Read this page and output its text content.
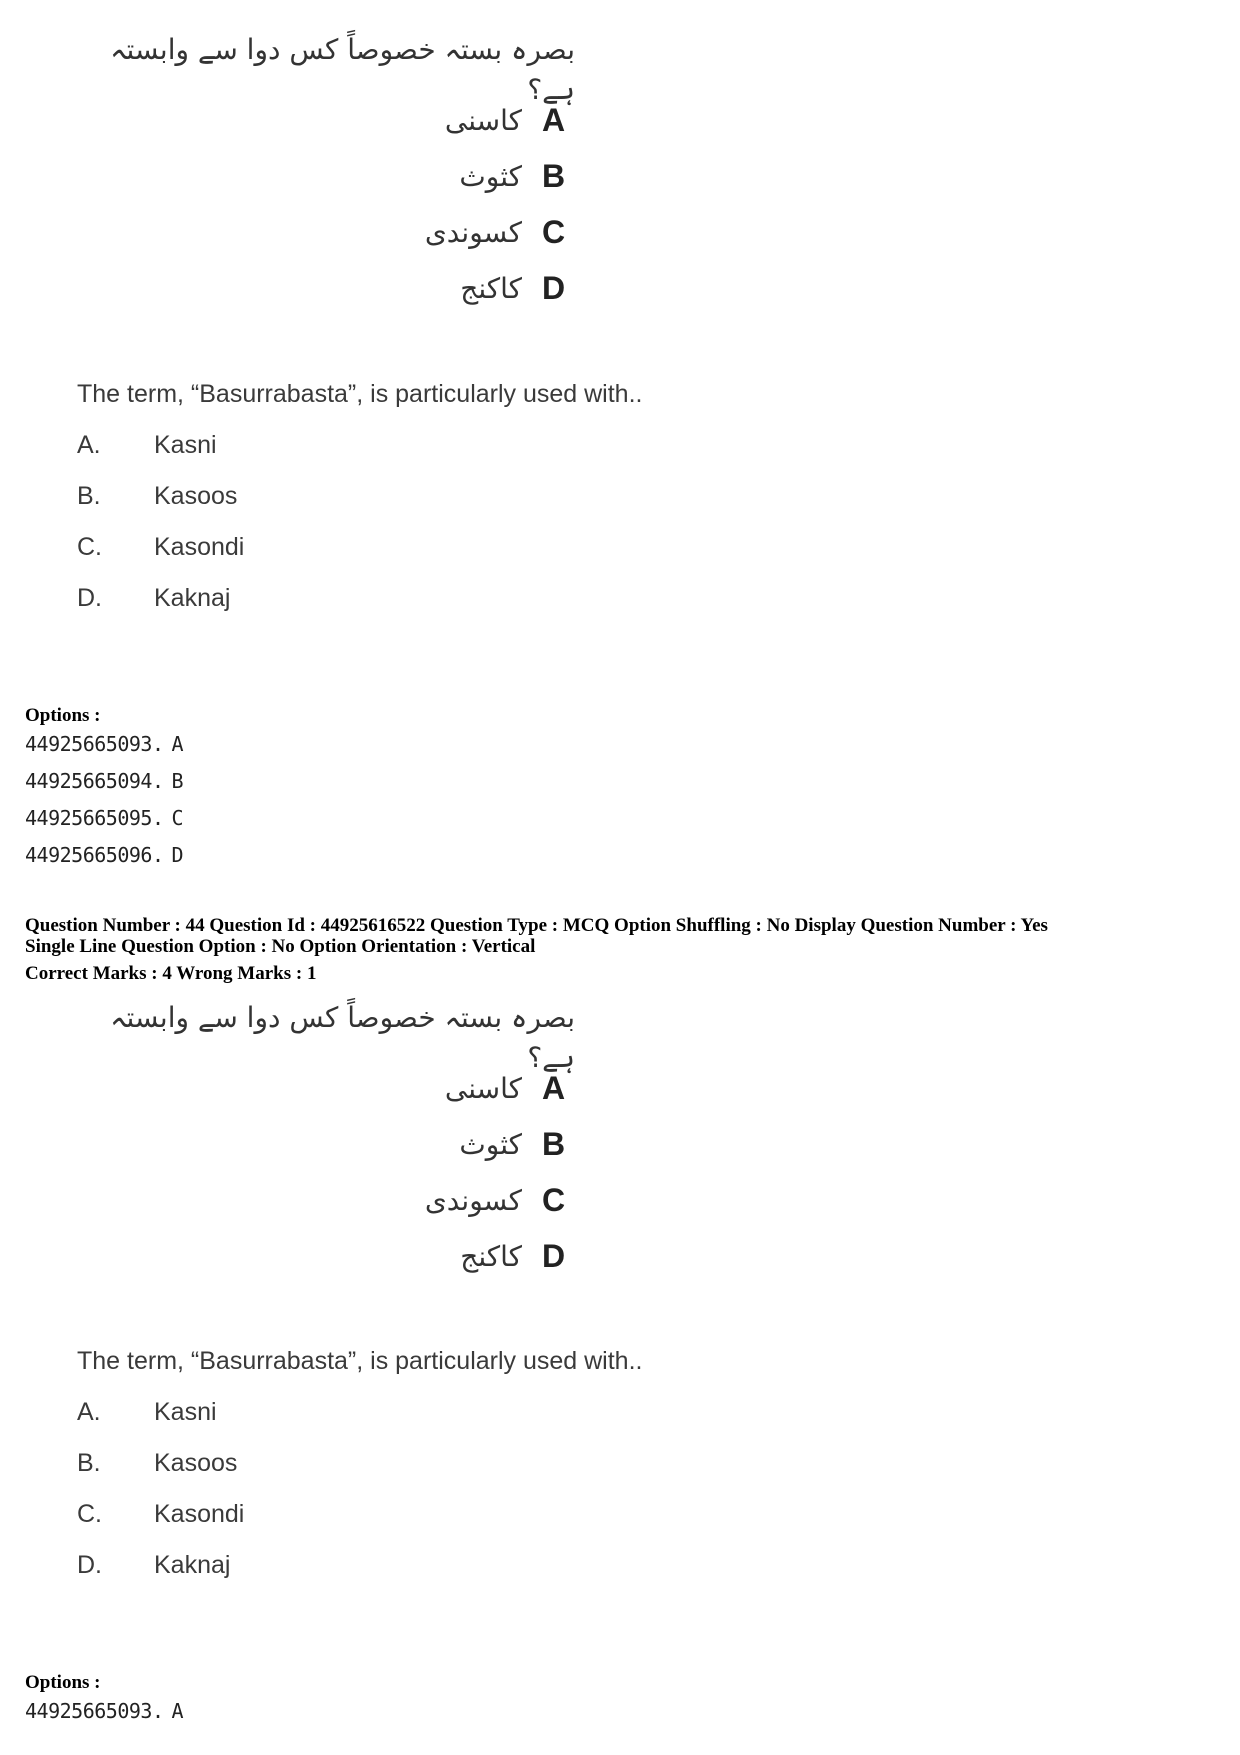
بصرہ بستہ خصوصاً کس دوا سے وابستہ ہے؟
کاسنی A
کثوث B
کسوندی C
کاکنج D
The term, “Basurrabasta”, is particularly used with..
A.	Kasni
B.	Kasoos
C.	Kasondi
D.	Kaknaj
Options :
44925665093. A
44925665094. B
44925665095. C
44925665096. D
Question Number : 44 Question Id : 44925616522 Question Type : MCQ Option Shuffling : No Display Question Number : Yes
Single Line Question Option : No Option Orientation : Vertical
Correct Marks : 4 Wrong Marks : 1
بصرہ بستہ خصوصاً کس دوا سے وابستہ ہے؟
کاسنی A
کثوث B
کسوندی C
کاکنج D
The term, “Basurrabasta”, is particularly used with..
A.	Kasni
B.	Kasoos
C.	Kasondi
D.	Kaknaj
Options :
44925665093. A
